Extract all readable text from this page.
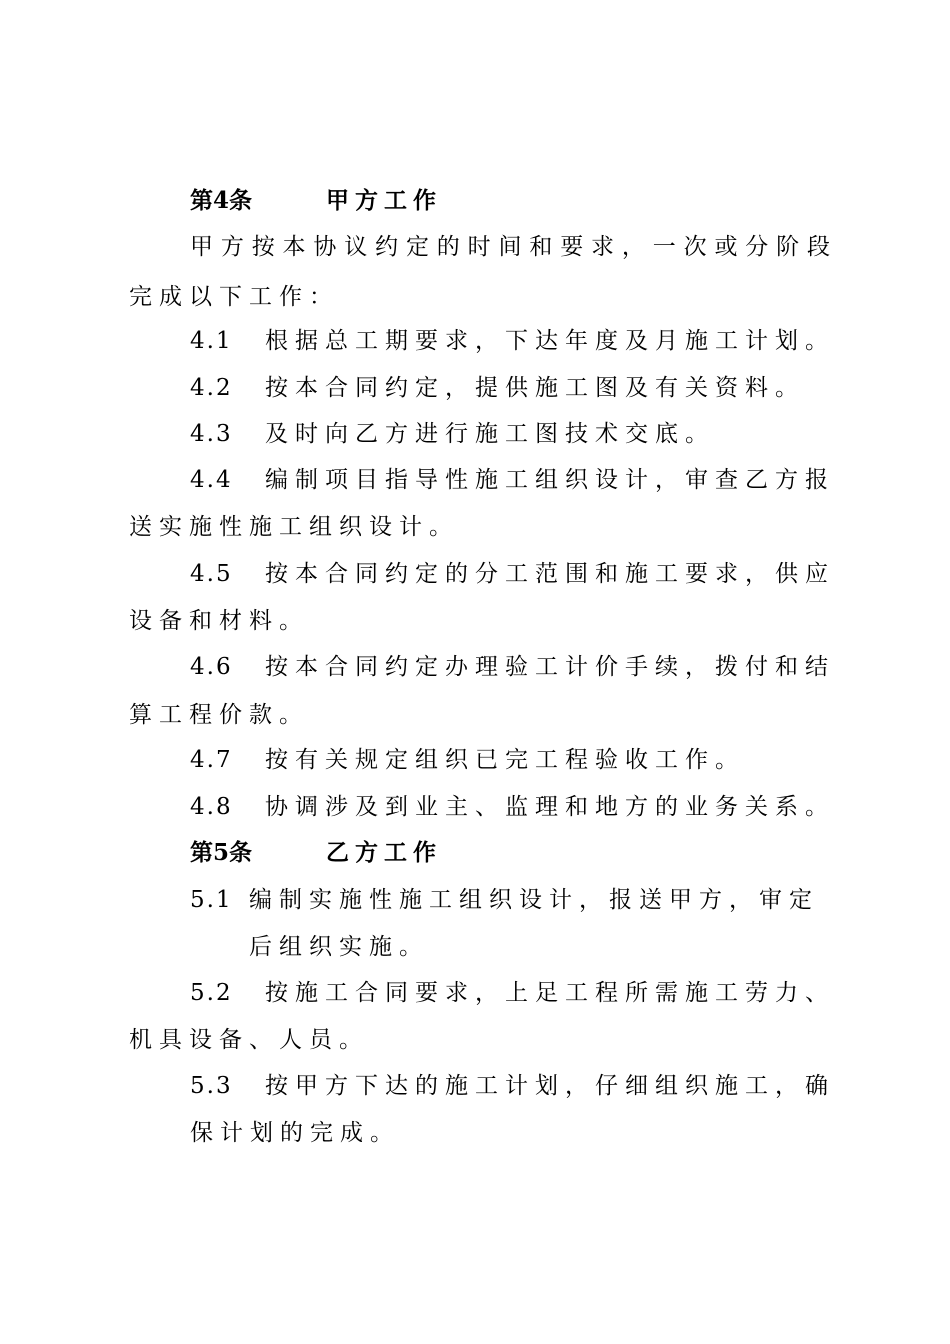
第4条	甲方工作
甲方按本协议约定的时间和要求，一次或分阶段
完成以下工作：
4.1 根据总工期要求，下达年度及月施工计划。
4.2 按本合同约定，提供施工图及有关资料。
4.3 及时向乙方进行施工图技术交底。
4.4 编制项目指导性施工组织设计，审查乙方报
送实施性施工组织设计。
4.5 按本合同约定的分工范围和施工要求，供应
设备和材料。
4.6 按本合同约定办理验工计价手续，拨付和结
算工程价款。
4.7 按有关规定组织已完工程验收工作。
4.8 协调涉及到业主、监理和地方的业务关系。
第5条	乙方工作
5.1 编制实施性施工组织设计，报送甲方，审定
后组织实施。
5.2 按施工合同要求，上足工程所需施工劳力、
机具设备、人员。
5.3 按甲方下达的施工计划，仔细组织施工，确
保计划的完成。
